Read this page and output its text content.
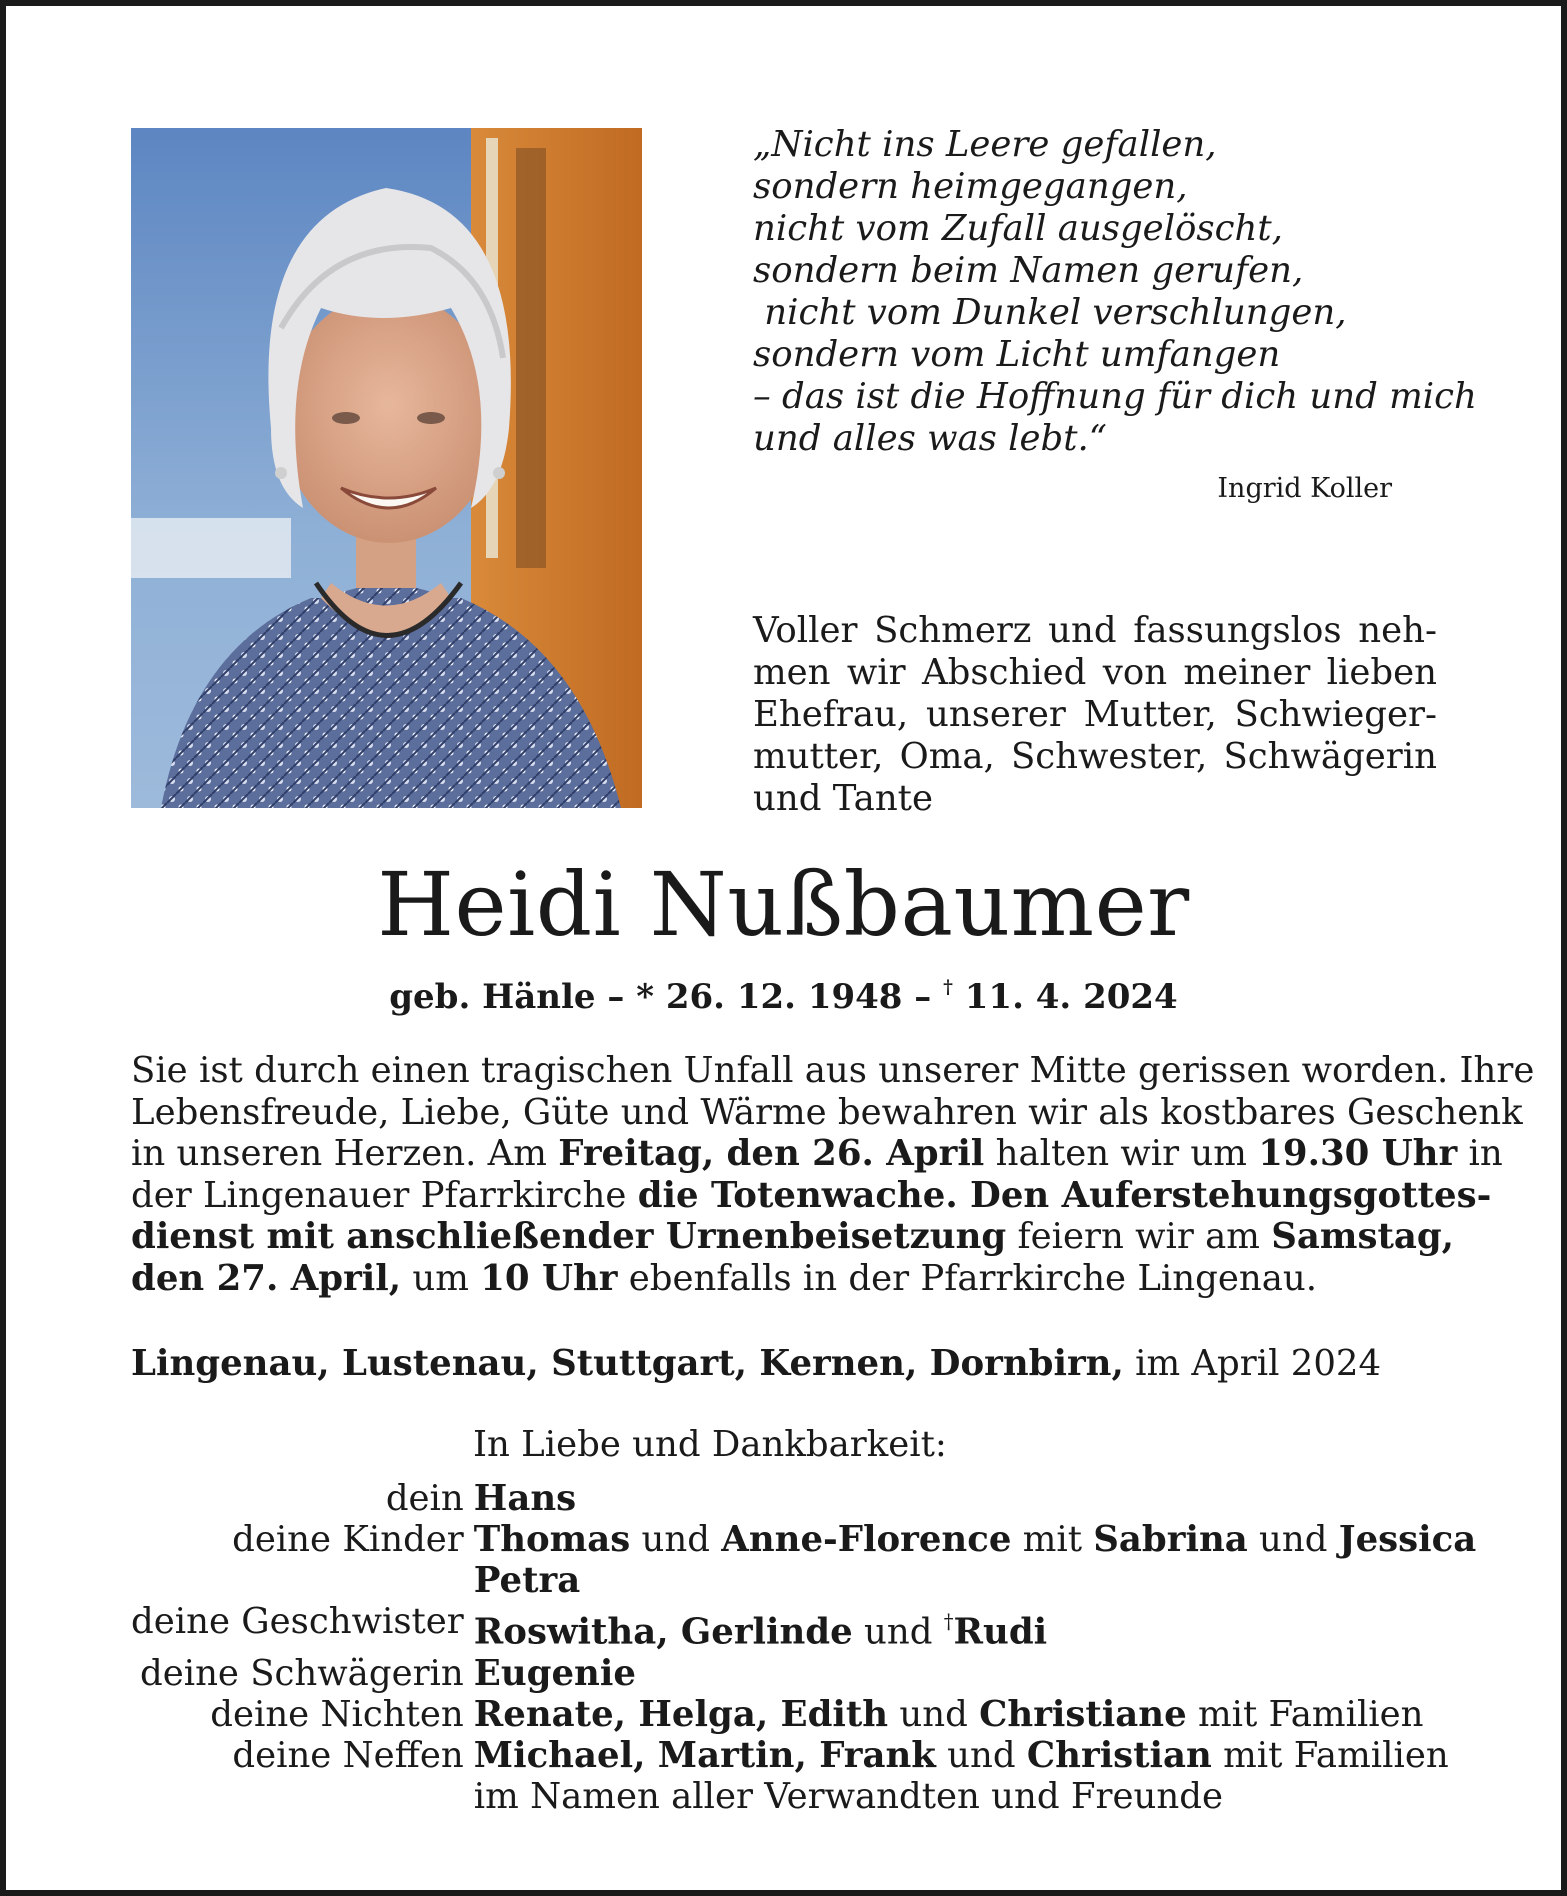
„Nicht ins Leere gefallen,
sondern heimgegangen,
nicht vom Zufall ausgelöscht,
sondern beim Namen gerufen,
nicht vom Dunkel verschlungen,
sondern vom Licht umfangen
– das ist die Hoffnung für dich und mich
und alles was lebt.“
Ingrid Koller
Voller Schmerz und fassungslos neh-
men wir Abschied von meiner lieben
Ehefrau, unserer Mutter, Schwieger-
mutter, Oma, Schwester, Schwägerin
und Tante
Heidi Nußbaumer
geb. Hänle – * 26. 12. 1948 – † 11. 4. 2024
Sie ist durch einen tragischen Unfall aus unserer Mitte gerissen worden. Ihre
Lebensfreude, Liebe, Güte und Wärme bewahren wir als kostbares Geschenk
in unseren Herzen. Am Freitag, den 26. April halten wir um 19.30 Uhr in
der Lingenauer Pfarrkirche die Totenwache. Den Auferstehungsgottes-
dienst mit anschließender Urnenbeisetzung feiern wir am Samstag,
den 27. April, um 10 Uhr ebenfalls in der Pfarrkirche Lingenau.
Lingenau, Lustenau, Stuttgart, Kernen, Dornbirn, im April 2024
In Liebe und Dankbarkeit:
dein	Hans
deine Kinder	Thomas und Anne-Florence mit Sabrina und Jessica
	Petra
deine Geschwister	Roswitha, Gerlinde und †Rudi
deine Schwägerin	Eugenie
deine Nichten	Renate, Helga, Edith und Christiane mit Familien
deine Neffen	Michael, Martin, Frank und Christian mit Familien
	im Namen aller Verwandten und Freunde
